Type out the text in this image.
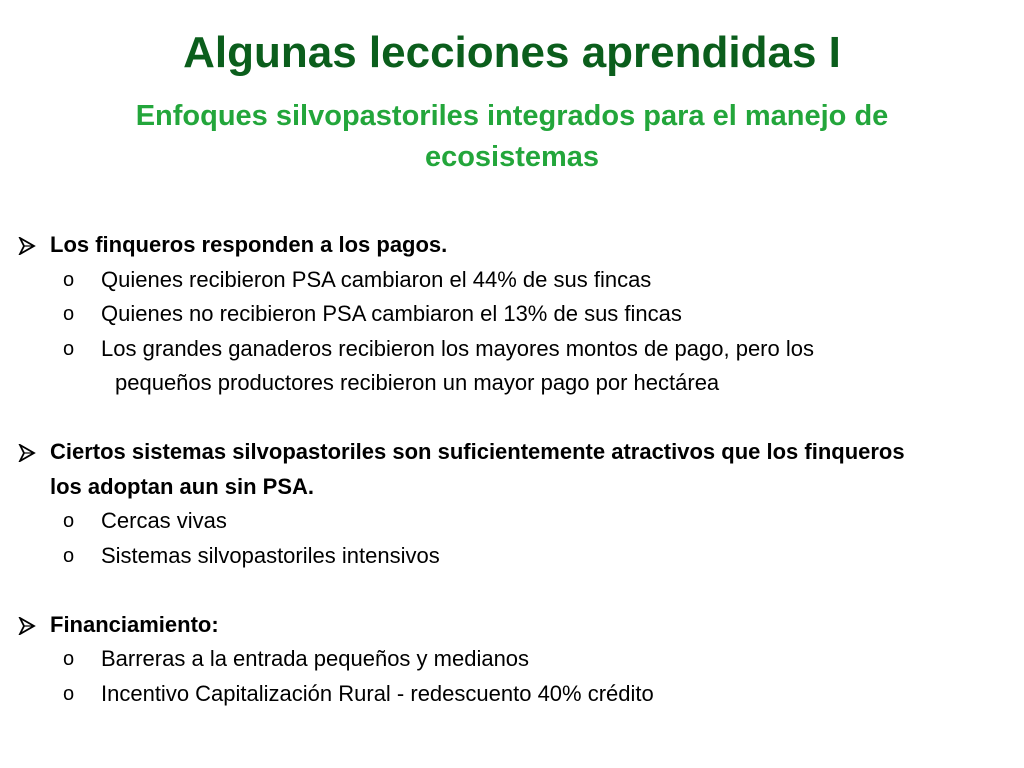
Algunas lecciones aprendidas I
Enfoques silvopastoriles integrados para el manejo de ecosistemas
Los finqueros responden a los pagos.
o Quienes recibieron PSA cambiaron el 44% de sus fincas
o Quienes no recibieron PSA cambiaron el 13% de sus fincas
o Los grandes ganaderos recibieron los mayores montos de pago, pero los
pequeños productores recibieron un mayor pago por hectárea
Ciertos sistemas silvopastoriles son suficientemente atractivos que los finqueros
los adoptan aun sin PSA.
o Cercas vivas
o Sistemas silvopastoriles intensivos
Financiamiento:
o Barreras a la entrada pequeños y medianos
o Incentivo Capitalización Rural - redescuento 40% crédito
